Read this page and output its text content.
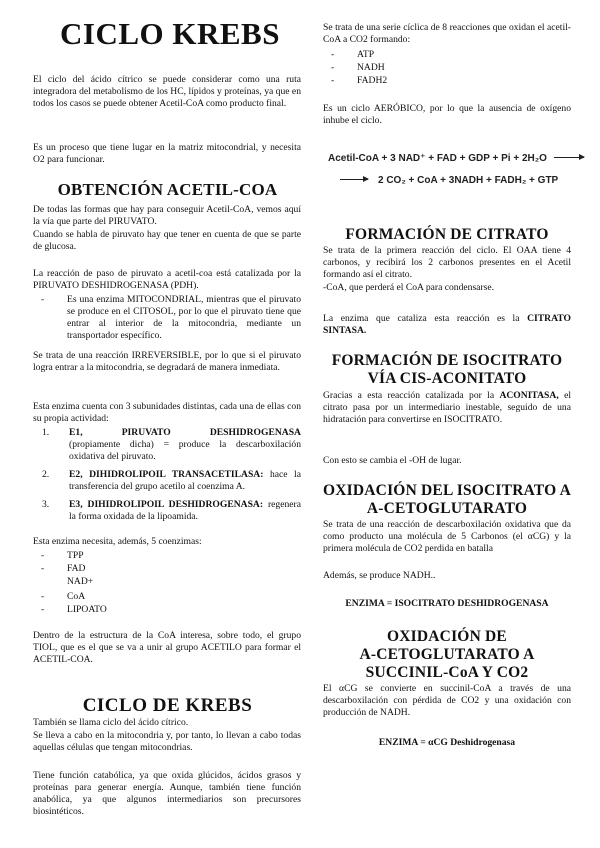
CICLO KREBS

El ciclo del ácido cítrico se puede considerar como una ruta integradora del metabolismo de los HC, lípidos y proteínas, ya que en todos los casos se puede obtener Acetil-CoA como producto final.

Es un proceso que tiene lugar en la matriz mitocondrial, y necesita O2 para funcionar.

OBTENCIÓN ACETIL-COA

De todas las formas que hay para conseguir Acetil-CoA, vemos aquí la vía que parte del PIRUVATO.

Cuando se habla de piruvato hay que tener en cuenta de que se parte de glucosa.

La reacción de paso de piruvato a acetil-coa está catalizada por la PIRUVATO DESHIDROGENASA (PDH).

- Es una enzima MITOCONDRIAL, mientras que el piruvato se produce en el CITOSOL, por lo que el piruvato tiene que entrar al interior de la mitocondria, mediante un transportador específico.

Se trata de una reacción IRREVERSIBLE, por lo que si el piruvato logra entrar a la mitocondria, se degradará de manera inmediata.

Esta enzima cuenta con 3 subunidades distintas, cada una de ellas con su propia actividad:

1. E1, PIRUVATO DESHIDROGENASA
(propiamente dicha) = produce la descarboxilación oxidativa del piruvato.
2. E2, DIHIDROLIPOIL TRANSACETILASA: hace la transferencia del grupo acetilo al coenzima A.
3. E3, DIHIDROLIPOIL DESHIDROGENASA: regenera la forma oxidada de la lipoamida.

Esta enzima necesita, además, 5 coenzimas:

- TPP
- FAD
NAD+
- CoA
- LIPOATO

Dentro de la estructura de la CoA interesa, sobre todo, el grupo TIOL, que es el que se va a unir al grupo ACETILO para formar el ACETIL-COA.

CICLO DE KREBS

También se llama ciclo del ácido cítrico.

Se lleva a cabo en la mitocondria y, por tanto, lo llevan a cabo todas aquellas células que tengan mitocondrias.

Tiene función catabólica, ya que oxida glúcidos, ácidos grasos y proteínas para generar energía. Aunque, también tiene función anabólica, ya que algunos intermediarios son precursores biosintéticos.

Se trata de una serie cíclica de 8 reacciones que oxidan el acetil-CoA a CO2 formando:

- ATP
- NADH
- FADH2

Es un ciclo AERÓBICO, por lo que la ausencia de oxígeno inhube el ciclo.

Acetil-CoA + 3 NAD⁺ + FAD + GDP + Pi + 2H₂O →
→ 2 CO₂ + CoA + 3NADH + FADH₂ + GTP
FORMACIÓN DE CITRATO

Se trata de la primera reacción del ciclo. El OAA tiene 4 carbonos, y recibirá los 2 carbonos presentes en el Acetil formando así el citrato.

-CoA, que perderá el CoA para condensarse.

La enzima que cataliza esta reacción es la CITRATO SINTASA.

FORMACIÓN DE ISOCITRATO
VÍA CIS-ACONITATO

Gracias a esta reacción catalizada por la ACONITASA, el citrato pasa por un intermediario inestable, seguido de una hidratación para convertirse en ISOCITRATO.

Con esto se cambia el -OH de lugar.

OXIDACIÓN DEL ISOCITRATO A
A-CETOGLUTARATO

Se trata de una reacción de descarboxilación oxidativa que da como producto una molécula de 5 Carbonos (el αCG) y la primera molécula de CO2 perdida en batalla

Además, se produce NADH..

ENZIMA = ISOCITRATO DESHIDROGENASA

OXIDACIÓN DE
A-CETOGLUTARATO A
SUCCINIL-CoA Y CO2

El αCG se convierte en succinil-CoA a través de una descarboxilación con pérdida de CO2 y una oxidación con producción de NADH.

ENZIMA = αCG Deshidrogenasa
